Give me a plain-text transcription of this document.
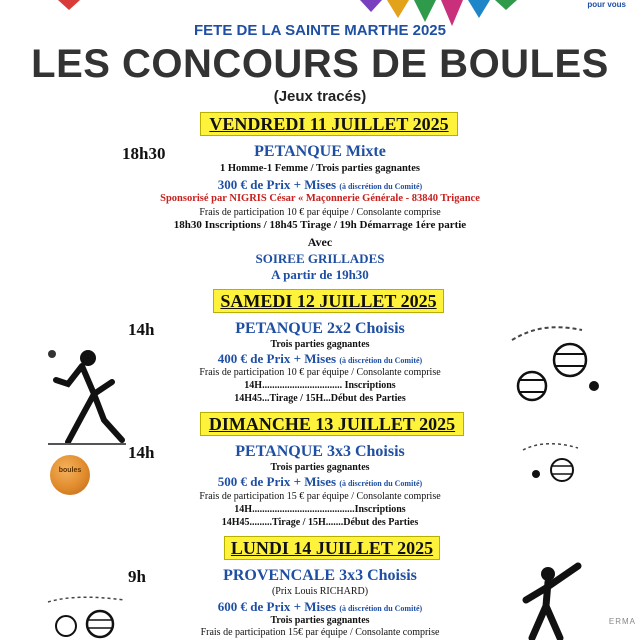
pour vous
FETE DE LA SAINTE MARTHE 2025
LES CONCOURS DE BOULES
(Jeux tracés)
VENDREDI 11 JUILLET 2025
18h30	PETANQUE Mixte
1 Homme-1 Femme / Trois parties gagnantes
300 € de Prix + Mises (à discrétion du Comité)
Sponsorisé par NIGRIS César « Maçonnerie Générale - 83840 Trigance
Frais de participation 10 € par équipe / Consolante comprise
18h30 Inscriptions / 18h45 Tirage / 19h Démarrage 1ére partie
Avec
SOIREE GRILLADES
A partir de 19h30
SAMEDI 12 JUILLET 2025
14h	PETANQUE 2x2 Choisis
Trois parties gagnantes
400 € de Prix + Mises (à discrétion du Comité)
Frais de participation 10 € par équipe / Consolante comprise
14H................................ Inscriptions
14H45...Tirage / 15H...Début des Parties
DIMANCHE 13 JUILLET 2025
14h	PETANQUE 3x3 Choisis
Trois parties gagnantes
500 € de Prix + Mises (à discrétion du Comité)
Frais de participation 15 € par équipe / Consolante comprise
14H.........................................Inscriptions
14H45.........Tirage / 15H.......Début des Parties
LUNDI 14 JUILLET 2025
9h	PROVENCALE 3x3 Choisis
(Prix Louis RICHARD)
600 € de Prix + Mises (à discrétion du Comité)
Trois parties gagnantes
Frais de participation 15€ par équipe / Consolante comprise
boules
ERMA
